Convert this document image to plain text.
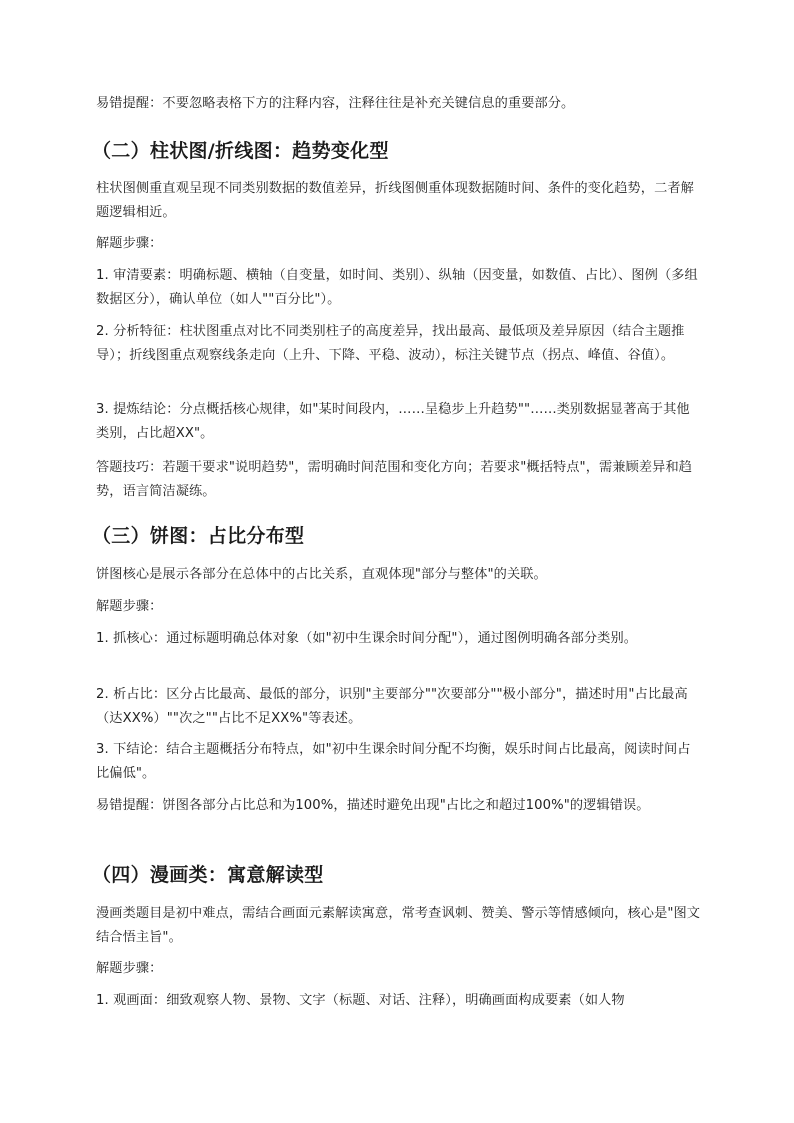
易错提醒：不要忽略表格下方的注释内容，注释往往是补充关键信息的重要部分。

（二）柱状图/折线图：趋势变化型

柱状图侧重直观呈现不同类别数据的数值差异，折线图侧重体现数据随时间、条件的变化趋势，二者解题逻辑相近。

解题步骤：

1. 审清要素：明确标题、横轴（自变量，如时间、类别）、纵轴（因变量，如数值、占比）、图例（多组数据区分），确认单位（如人""百分比"）。

2. 分析特征：柱状图重点对比不同类别柱子的高度差异，找出最高、最低项及差异原因（结合主题推导）；折线图重点观察线条走向（上升、下降、平稳、波动），标注关键节点（拐点、峰值、谷值）。

3. 提炼结论：分点概括核心规律，如"某时间段内，……呈稳步上升趋势""……类别数据显著高于其他类别，占比超XX"。

答题技巧：若题干要求"说明趋势"，需明确时间范围和变化方向；若要求"概括特点"，需兼顾差异和趋势，语言简洁凝练。

（三）饼图：占比分布型

饼图核心是展示各部分在总体中的占比关系，直观体现"部分与整体"的关联。

解题步骤：

1. 抓核心：通过标题明确总体对象（如"初中生课余时间分配"），通过图例明确各部分类别。

2. 析占比：区分占比最高、最低的部分，识别"主要部分""次要部分""极小部分"，描述时用"占比最高（达XX%）""次之""占比不足XX%"等表述。

3. 下结论：结合主题概括分布特点，如"初中生课余时间分配不均衡，娱乐时间占比最高，阅读时间占比偏低"。

易错提醒：饼图各部分占比总和为100%，描述时避免出现"占比之和超过100%"的逻辑错误。

（四）漫画类：寓意解读型

漫画类题目是初中难点，需结合画面元素解读寓意，常考查讽刺、赞美、警示等情感倾向，核心是"图文结合悟主旨"。

解题步骤：

1. 观画面：细致观察人物、景物、文字（标题、对话、注释），明确画面构成要素（如人物
